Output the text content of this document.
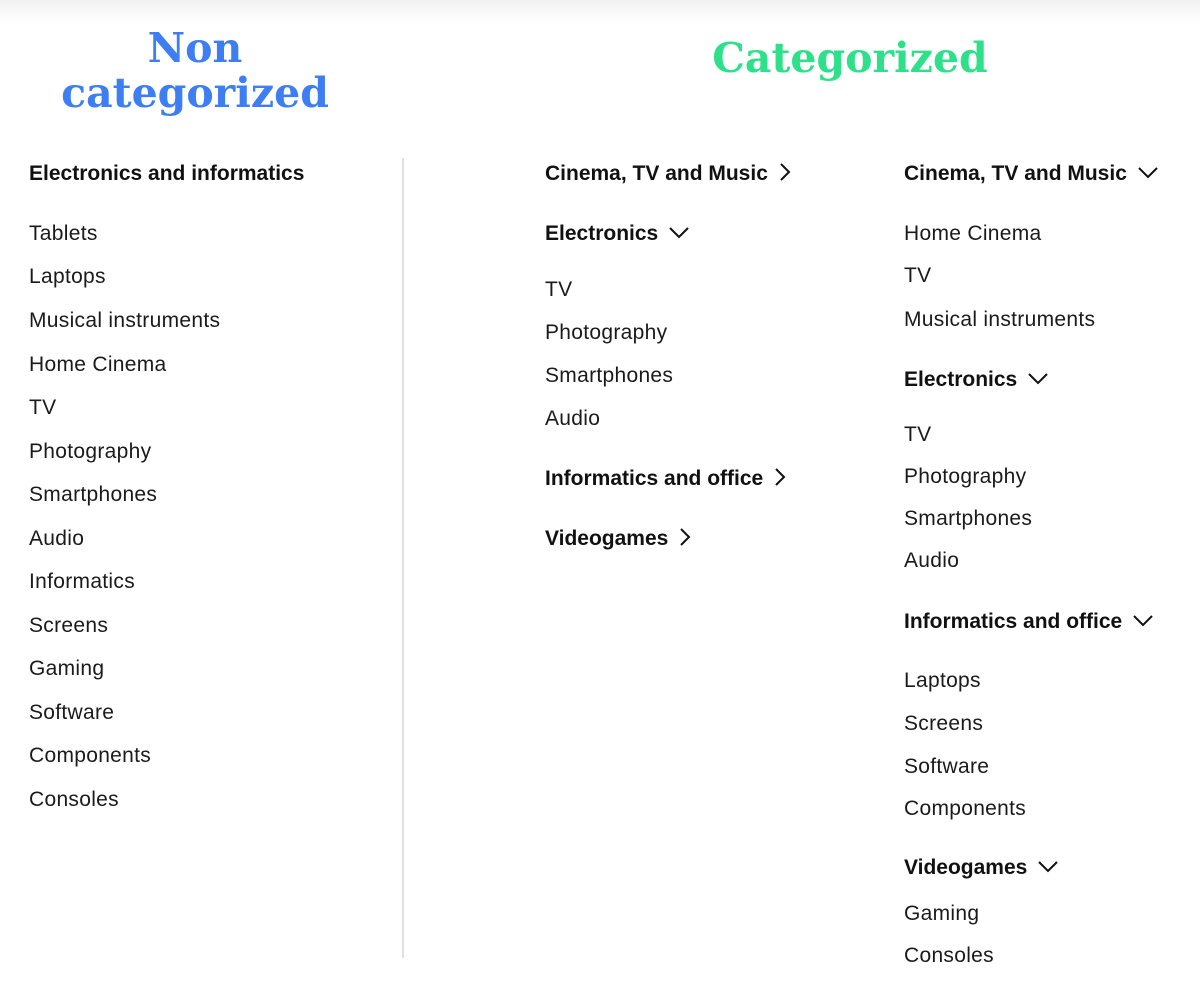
Non categorized
Categorized
Electronics and informatics
Tablets
Laptops
Musical instruments
Home Cinema
TV
Photography
Smartphones
Audio
Informatics
Screens
Gaming
Software
Components
Consoles
Cinema, TV and Music
Electronics
TV
Photography
Smartphones
Audio
Informatics and office
Videogames
Cinema, TV and Music
Home Cinema
TV
Musical instruments
Electronics
TV
Photography
Smartphones
Audio
Informatics and office
Laptops
Screens
Software
Components
Videogames
Gaming
Consoles
